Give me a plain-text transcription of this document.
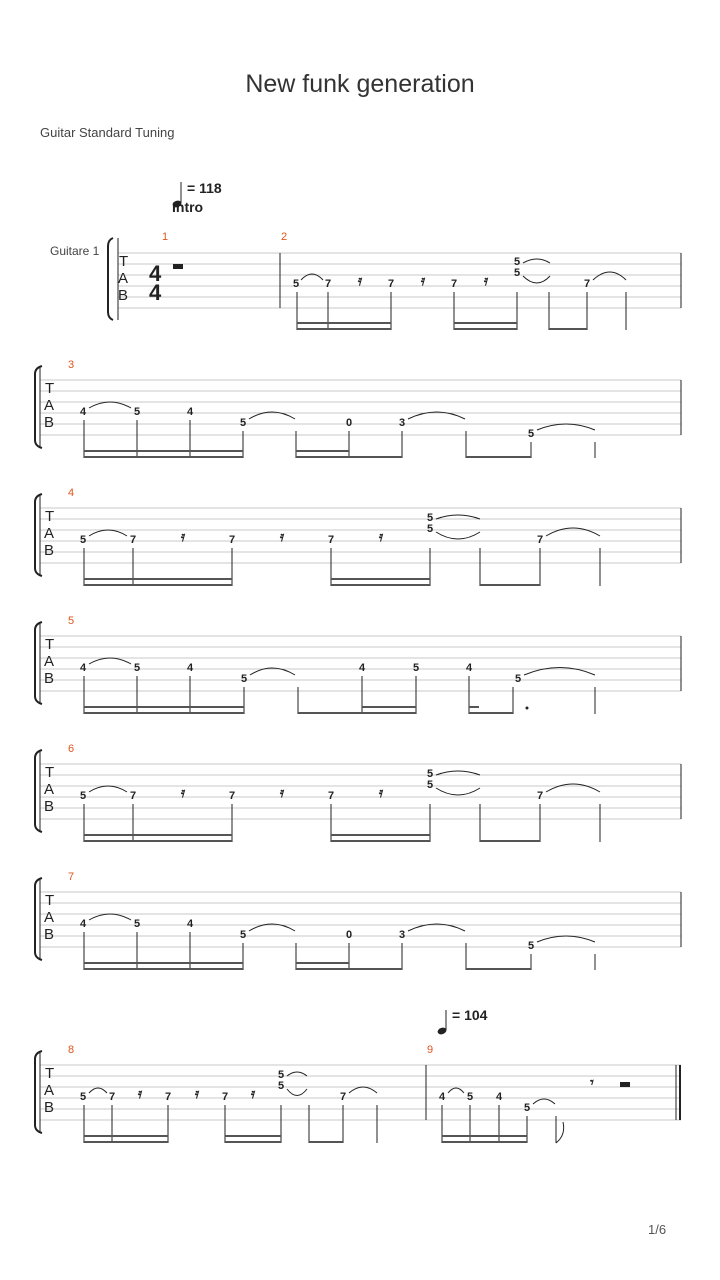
New funk generation
Guitar Standard Tuning
= 118
Intro
Guitare 1
T
A
B
4
4
1	2
5 7	7	7
5
5
7
𝄿	𝄿	𝄿
T
A
B
3
4	5	4
5	0	3
5
T
A
B
4
5	7	7	7
5
5
7
𝄿	𝄿	𝄿
T
A
B
5
4	5	4
5
4	5	4
5
T
A
B
6
5	7	7	7
5
5
7
𝄿	𝄿	𝄿
T
A
B
7
4	5	4
5	0	3
5
= 104
T
A
B
8	9
5 7	7	7
5
5
7	4 5 4
5
𝄿	𝄿	𝄿
𝄾
1/6
